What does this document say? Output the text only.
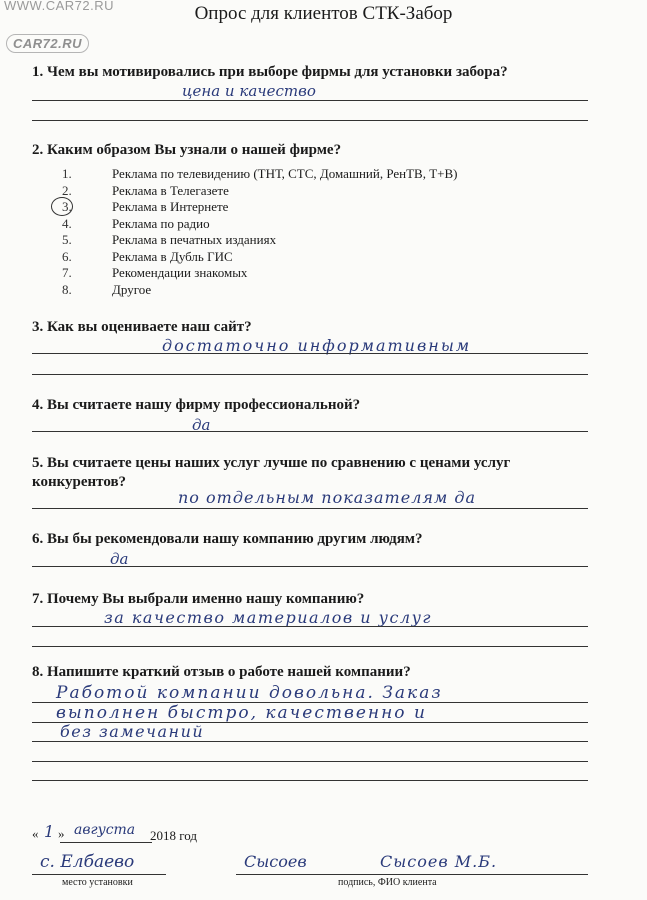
WWW.CAR72.RU
CAR72.RU
Опрос для клиентов СТК-Забор
1. Чем вы мотивировались при выборе фирмы для установки забора?
цена и качество
2. Каким образом Вы узнали о нашей фирме?
1.	Реклама по телевидению (ТНТ, СТС, Домашний, РенТВ, Т+В)
2.	Реклама в Телегазете
3.	Реклама в Интернете
4.	Реклама по радио
5.	Реклама в печатных изданиях
6.	Реклама в Дубль ГИС
7.	Рекомендации знакомых
8.	Другое
3. Как вы оцениваете наш сайт?
достаточно информативным
4. Вы считаете нашу фирму профессиональной?
да
5. Вы считаете цены наших услуг лучше по сравнению с ценами услуг
конкурентов?
по отдельным показателям да
6. Вы бы рекомендовали нашу компанию другим людям?
да
7. Почему Вы выбрали именно нашу компанию?
за качество материалов и услуг
8. Напишите краткий отзыв о работе нашей компании?
Работой компании довольна. Заказ
выполнен быстро, качественно и
без замечаний
« 1 » августа 2018 год
с. Елбаево
место установки
Сысоев	Сысоев М.Б.
подпись, ФИО клиента
